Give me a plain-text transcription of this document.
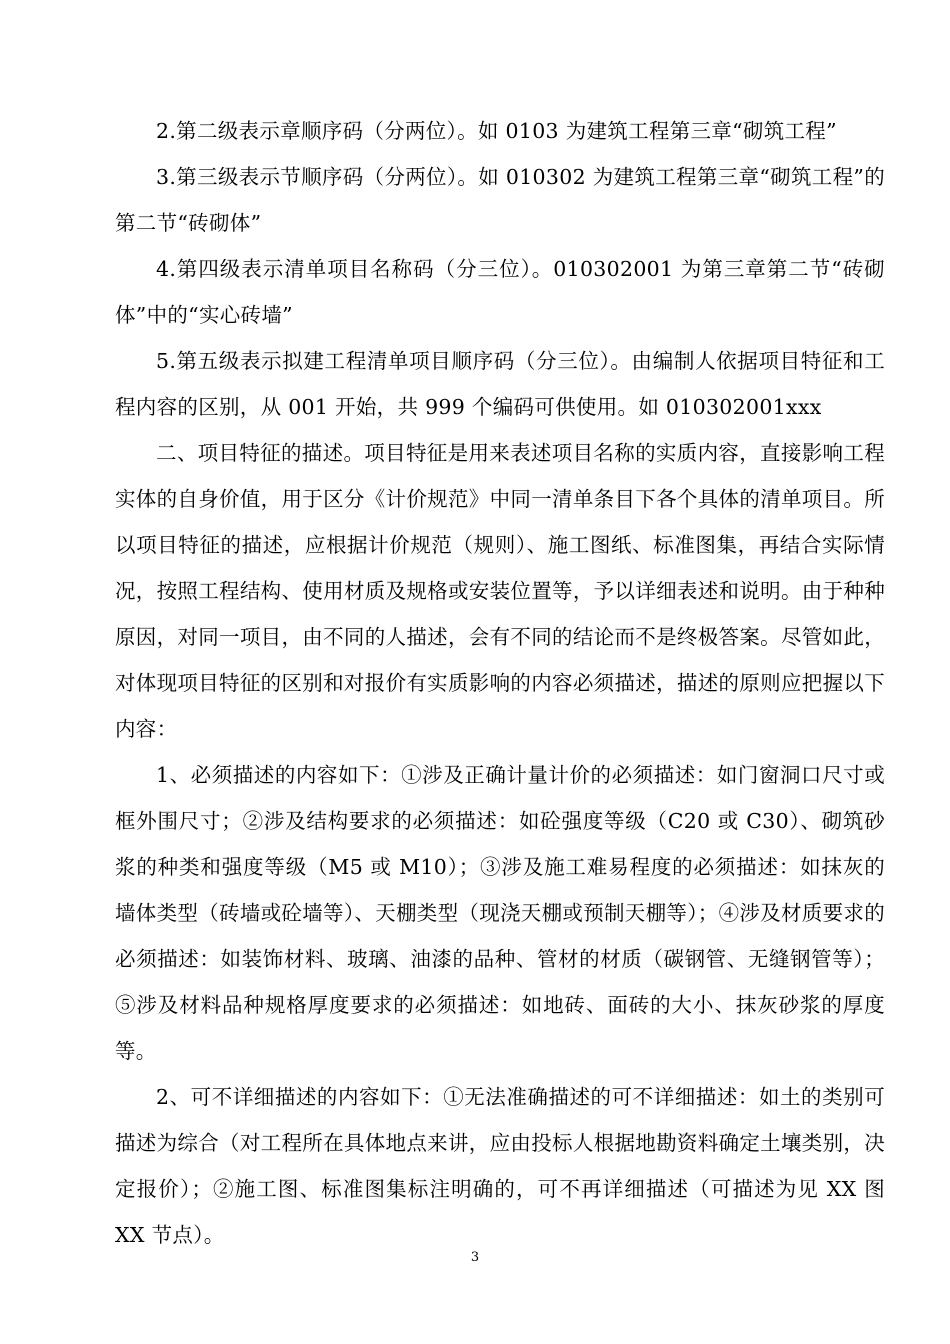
2.第二级表示章顺序码（分两位）。如 0103 为建筑工程第三章“砌筑工程”

3.第三级表示节顺序码（分两位）。如 010302 为建筑工程第三章“砌筑工程”的第二节“砖砌体”

4.第四级表示清单项目名称码（分三位）。010302001 为第三章第二节“砖砌体”中的“实心砖墙”

5.第五级表示拟建工程清单项目顺序码（分三位）。由编制人依据项目特征和工程内容的区别，从 001 开始，共 999 个编码可供使用。如 010302001xxx

二、项目特征的描述。项目特征是用来表述项目名称的实质内容，直接影响工程实体的自身价值，用于区分《计价规范》中同一清单条目下各个具体的清单项目。所以项目特征的描述，应根据计价规范（规则）、施工图纸、标准图集，再结合实际情况，按照工程结构、使用材质及规格或安装位置等，予以详细表述和说明。由于种种原因，对同一项目，由不同的人描述，会有不同的结论而不是终极答案。尽管如此，对体现项目特征的区别和对报价有实质影响的内容必须描述，描述的原则应把握以下内容：

1、必须描述的内容如下：①涉及正确计量计价的必须描述：如门窗洞口尺寸或框外围尺寸；②涉及结构要求的必须描述：如砼强度等级（C20 或 C30）、砌筑砂浆的种类和强度等级（M5 或 M10）；③涉及施工难易程度的必须描述：如抹灰的墙体类型（砖墙或砼墙等）、天棚类型（现浇天棚或预制天棚等）；④涉及材质要求的必须描述：如装饰材料、玻璃、油漆的品种、管材的材质（碳钢管、无缝钢管等）；⑤涉及材料品种规格厚度要求的必须描述：如地砖、面砖的大小、抹灰砂浆的厚度等。

2、可不详细描述的内容如下：①无法准确描述的可不详细描述：如土的类别可描述为综合（对工程所在具体地点来讲，应由投标人根据地勘资料确定土壤类别，决定报价）；②施工图、标准图集标注明确的，可不再详细描述（可描述为见 XX 图 XX 节点）。

3
